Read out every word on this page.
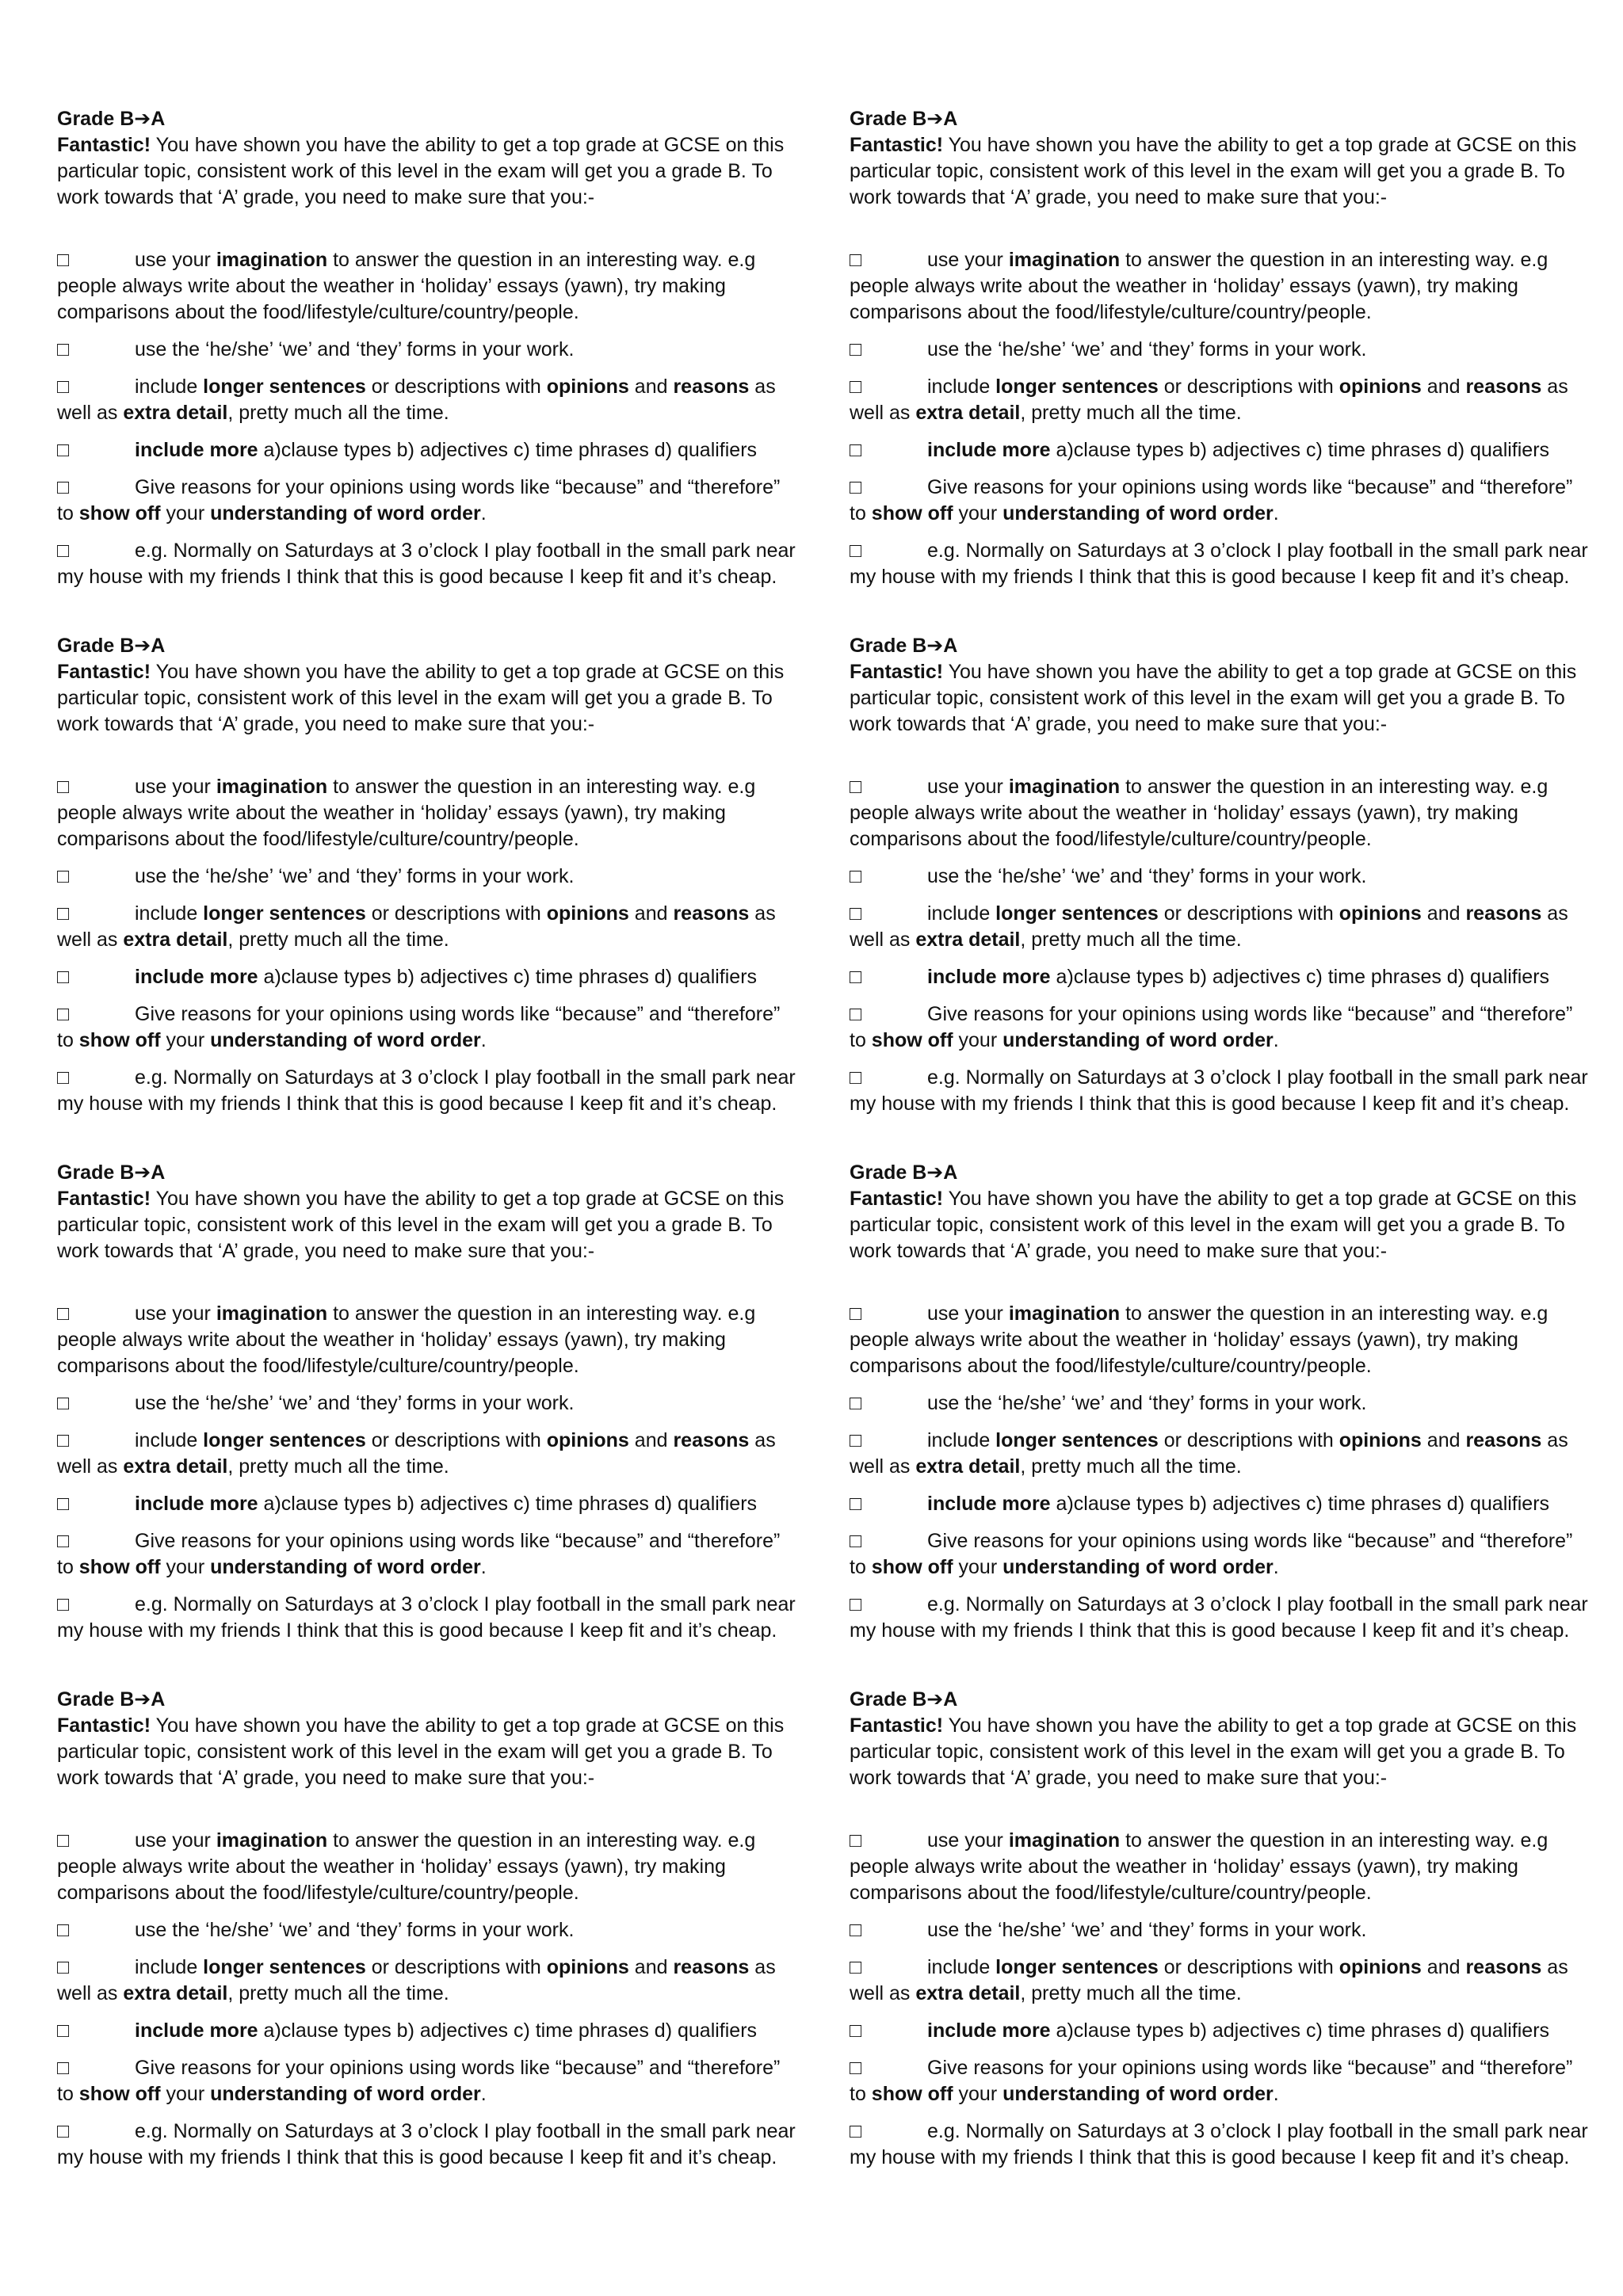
Grade B➔A
Fantastic! You have shown you have the ability to get a top grade at GCSE on this particular topic, consistent work of this level in the exam will get you a grade B. To work towards that ‘A’ grade, you need to make sure that you:-
□	use your imagination to answer the question in an interesting way. e.g people always write about the weather in ‘holiday’ essays (yawn), try making comparisons about the food/lifestyle/culture/country/people.
□	use the ‘he/she’ ‘we’ and ‘they’ forms in your work.
□	include longer sentences or descriptions with opinions and reasons as well as extra detail, pretty much all the time.
□	include more a)clause types b) adjectives c) time phrases d) qualifiers
□	Give reasons for your opinions using words like “because” and “therefore” to show off your understanding of word order.
□	e.g. Normally on Saturdays at 3 o’clock I play football in the small park near my house with my friends I think that this is good because I keep fit and it’s cheap.
Grade B➔A
Fantastic! You have shown you have the ability to get a top grade at GCSE on this particular topic, consistent work of this level in the exam will get you a grade B. To work towards that ‘A’ grade, you need to make sure that you:-
□	use your imagination to answer the question in an interesting way. e.g people always write about the weather in ‘holiday’ essays (yawn), try making comparisons about the food/lifestyle/culture/country/people.
□	use the ‘he/she’ ‘we’ and ‘they’ forms in your work.
□	include longer sentences or descriptions with opinions and reasons as well as extra detail, pretty much all the time.
□	include more a)clause types b) adjectives c) time phrases d) qualifiers
□	Give reasons for your opinions using words like “because” and “therefore” to show off your understanding of word order.
□	e.g. Normally on Saturdays at 3 o’clock I play football in the small park near my house with my friends I think that this is good because I keep fit and it’s cheap.
Grade B➔A
Fantastic! You have shown you have the ability to get a top grade at GCSE on this particular topic, consistent work of this level in the exam will get you a grade B. To work towards that ‘A’ grade, you need to make sure that you:-
□	use your imagination to answer the question in an interesting way. e.g people always write about the weather in ‘holiday’ essays (yawn), try making comparisons about the food/lifestyle/culture/country/people.
□	use the ‘he/she’ ‘we’ and ‘they’ forms in your work.
□	include longer sentences or descriptions with opinions and reasons as well as extra detail, pretty much all the time.
□	include more a)clause types b) adjectives c) time phrases d) qualifiers
□	Give reasons for your opinions using words like “because” and “therefore” to show off your understanding of word order.
□	e.g. Normally on Saturdays at 3 o’clock I play football in the small park near my house with my friends I think that this is good because I keep fit and it’s cheap.
Grade B➔A
Fantastic! You have shown you have the ability to get a top grade at GCSE on this particular topic, consistent work of this level in the exam will get you a grade B. To work towards that ‘A’ grade, you need to make sure that you:-
□	use your imagination to answer the question in an interesting way. e.g people always write about the weather in ‘holiday’ essays (yawn), try making comparisons about the food/lifestyle/culture/country/people.
□	use the ‘he/she’ ‘we’ and ‘they’ forms in your work.
□	include longer sentences or descriptions with opinions and reasons as well as extra detail, pretty much all the time.
□	include more a)clause types b) adjectives c) time phrases d) qualifiers
□	Give reasons for your opinions using words like “because” and “therefore” to show off your understanding of word order.
□	e.g. Normally on Saturdays at 3 o’clock I play football in the small park near my house with my friends I think that this is good because I keep fit and it’s cheap.
Grade B➔A
Fantastic! You have shown you have the ability to get a top grade at GCSE on this particular topic, consistent work of this level in the exam will get you a grade B. To work towards that ‘A’ grade, you need to make sure that you:-
□	use your imagination to answer the question in an interesting way. e.g people always write about the weather in ‘holiday’ essays (yawn), try making comparisons about the food/lifestyle/culture/country/people.
□	use the ‘he/she’ ‘we’ and ‘they’ forms in your work.
□	include longer sentences or descriptions with opinions and reasons as well as extra detail, pretty much all the time.
□	include more a)clause types b) adjectives c) time phrases d) qualifiers
□	Give reasons for your opinions using words like “because” and “therefore” to show off your understanding of word order.
□	e.g. Normally on Saturdays at 3 o’clock I play football in the small park near my house with my friends I think that this is good because I keep fit and it’s cheap.
Grade B➔A
Fantastic! You have shown you have the ability to get a top grade at GCSE on this particular topic, consistent work of this level in the exam will get you a grade B. To work towards that ‘A’ grade, you need to make sure that you:-
□	use your imagination to answer the question in an interesting way. e.g people always write about the weather in ‘holiday’ essays (yawn), try making comparisons about the food/lifestyle/culture/country/people.
□	use the ‘he/she’ ‘we’ and ‘they’ forms in your work.
□	include longer sentences or descriptions with opinions and reasons as well as extra detail, pretty much all the time.
□	include more a)clause types b) adjectives c) time phrases d) qualifiers
□	Give reasons for your opinions using words like “because” and “therefore” to show off your understanding of word order.
□	e.g. Normally on Saturdays at 3 o’clock I play football in the small park near my house with my friends I think that this is good because I keep fit and it’s cheap.
Grade B➔A
Fantastic! You have shown you have the ability to get a top grade at GCSE on this particular topic, consistent work of this level in the exam will get you a grade B. To work towards that ‘A’ grade, you need to make sure that you:-
□	use your imagination to answer the question in an interesting way. e.g people always write about the weather in ‘holiday’ essays (yawn), try making comparisons about the food/lifestyle/culture/country/people.
□	use the ‘he/she’ ‘we’ and ‘they’ forms in your work.
□	include longer sentences or descriptions with opinions and reasons as well as extra detail, pretty much all the time.
□	include more a)clause types b) adjectives c) time phrases d) qualifiers
□	Give reasons for your opinions using words like “because” and “therefore” to show off your understanding of word order.
□	e.g. Normally on Saturdays at 3 o’clock I play football in the small park near my house with my friends I think that this is good because I keep fit and it’s cheap.
Grade B➔A
Fantastic! You have shown you have the ability to get a top grade at GCSE on this particular topic, consistent work of this level in the exam will get you a grade B. To work towards that ‘A’ grade, you need to make sure that you:-
□	use your imagination to answer the question in an interesting way. e.g people always write about the weather in ‘holiday’ essays (yawn), try making comparisons about the food/lifestyle/culture/country/people.
□	use the ‘he/she’ ‘we’ and ‘they’ forms in your work.
□	include longer sentences or descriptions with opinions and reasons as well as extra detail, pretty much all the time.
□	include more a)clause types b) adjectives c) time phrases d) qualifiers
□	Give reasons for your opinions using words like “because” and “therefore” to show off your understanding of word order.
□	e.g. Normally on Saturdays at 3 o’clock I play football in the small park near my house with my friends I think that this is good because I keep fit and it’s cheap.
